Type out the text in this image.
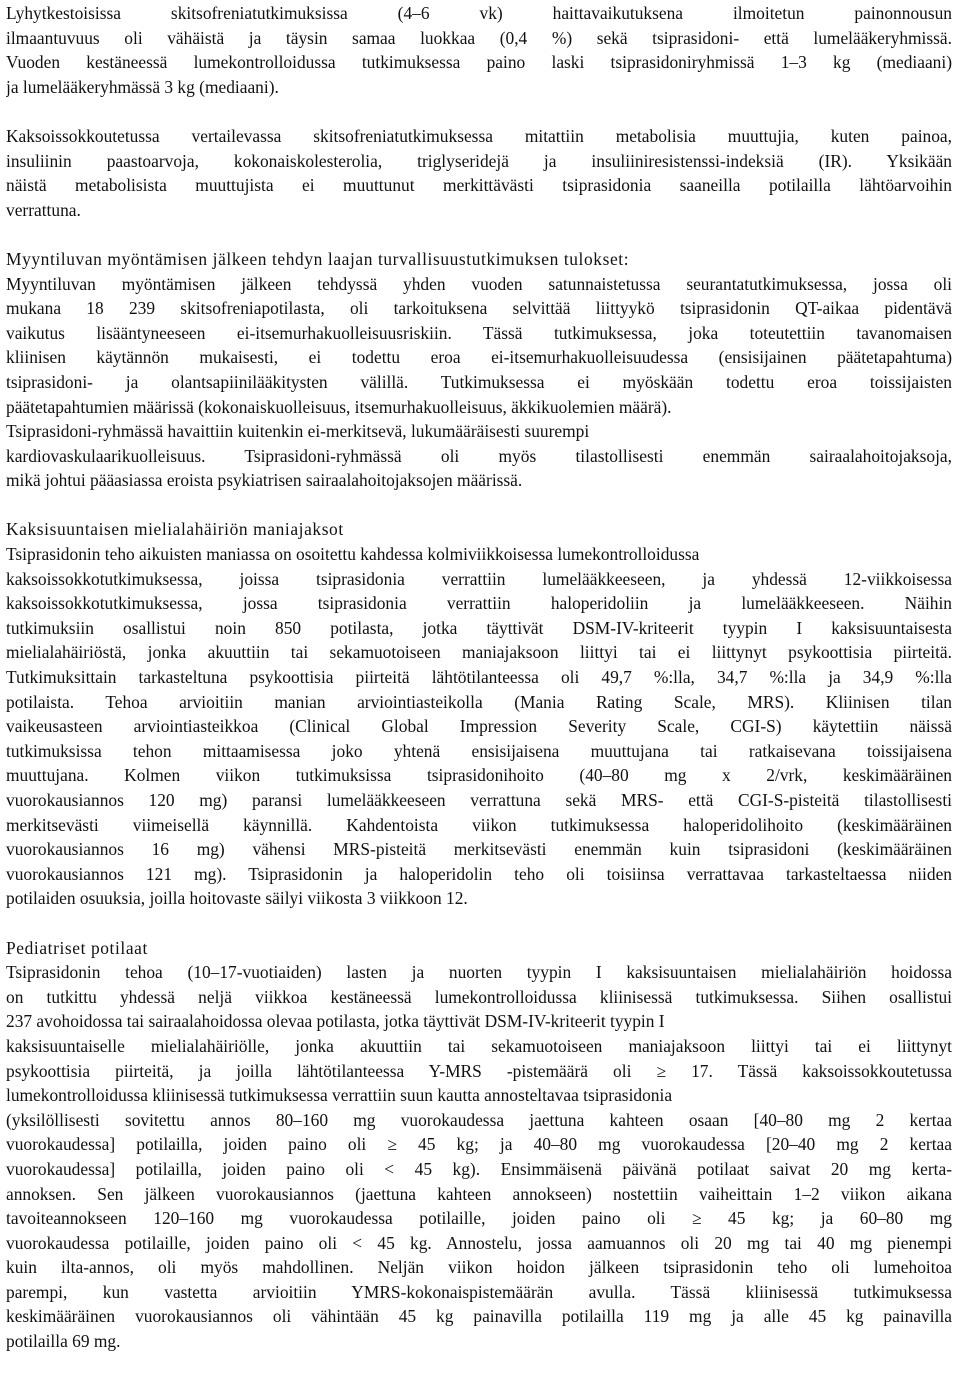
Lyhytkestoisissa skitsofreniatutkimuksissa (4–6 vk) haittavaikutuksena ilmoitetun painonnousun
ilmaantuvuus oli vähäistä ja täysin samaa luokkaa (0,4 %) sekä tsiprasidoni- että lumelääkeryhmissä.
Vuoden kestäneessä lumekontrolloidussa tutkimuksessa paino laski tsiprasidoniryhmissä 1–3 kg (mediaani)
ja lumelääkeryhmässä 3 kg (mediaani).
Kaksoissokkoutetussa vertailevassa skitsofreniatutkimuksessa mitattiin metabolisia muuttujia, kuten painoa,
insuliinin paastoarvoja, kokonaiskolesterolia, triglyseridejä ja insuliiniresistenssi-indeksiä (IR). Yksikään
näistä metabolisista muuttujista ei muuttunut merkittävästi tsiprasidonia saaneilla potilailla lähtöarvoihin
verrattuna.
Myyntiluvan myöntämisen jälkeen tehdyn laajan turvallisuustutkimuksen tulokset:
Myyntiluvan myöntämisen jälkeen tehdyssä yhden vuoden satunnaistetussa seurantatutkimuksessa, jossa oli
mukana 18 239 skitsofreniapotilasta, oli tarkoituksena selvittää liittyykö tsiprasidonin QT-aikaa pidentävä
vaikutus lisääntyneeseen ei-itsemurhakuolleisuusriskiin. Tässä tutkimuksessa, joka toteutettiin tavanomaisen
kliinisen käytännön mukaisesti, ei todettu eroa ei-itsemurhakuolleisuudessa (ensisijainen päätetapahtuma)
tsiprasidoni- ja olantsapiinilääkitysten välillä. Tutkimuksessa ei myöskään todettu eroa toissijaisten
päätetapahtumien määrissä (kokonaiskuolleisuus, itsemurhakuolleisuus, äkkikuolemien määrä).
Tsiprasidoni-ryhmässä havaittiin kuitenkin ei-merkitsevä, lukumääräisesti suurempi
kardiovaskulaarikuolleisuus. Tsiprasidoni-ryhmässä oli myös tilastollisesti enemmän sairaalahoitojaksoja,
mikä johtui pääasiassa eroista psykiatrisen sairaalahoitojaksojen määrissä.
Kaksisuuntaisen mielialahäiriön maniajaksot
Tsiprasidonin teho aikuisten maniassa on osoitettu kahdessa kolmiviikkoisessa lumekontrolloidussa
kaksoissokkotutkimuksessa, joissa tsiprasidonia verrattiin lumelääkkeeseen, ja yhdessä 12-viikkoisessa
kaksoissokkotutkimuksessa, jossa tsiprasidonia verrattiin haloperidoliin ja lumelääkkeeseen. Näihin
tutkimuksiin osallistui noin 850 potilasta, jotka täyttivät DSM-IV-kriteerit tyypin I kaksisuuntaisesta
mielialahäiriöstä, jonka akuuttiin tai sekamuotoiseen maniajaksoon liittyi tai ei liittynyt psykoottisia piirteitä.
Tutkimuksittain tarkasteltuna psykoottisia piirteitä lähtötilanteessa oli 49,7 %:lla, 34,7 %:lla ja 34,9 %:lla
potilaista. Tehoa arvioitiin manian arviointiasteikolla (Mania Rating Scale, MRS). Kliinisen tilan
vaikeusasteen arviointiasteikkoa (Clinical Global Impression Severity Scale, CGI-S) käytettiin näissä
tutkimuksissa tehon mittaamisessa joko yhtenä ensisijaisena muuttujana tai ratkaisevana toissijaisena
muuttujana. Kolmen viikon tutkimuksissa tsiprasidonihoito (40–80 mg x 2/vrk, keskimääräinen
vuorokausiannos 120 mg) paransi lumelääkkeeseen verrattuna sekä MRS- että CGI-S-pisteitä tilastollisesti
merkitsevästi viimeisellä käynnillä. Kahdentoista viikon tutkimuksessa haloperidolihoito (keskimääräinen
vuorokausiannos 16 mg) vähensi MRS-pisteitä merkitsevästi enemmän kuin tsiprasidoni (keskimääräinen
vuorokausiannos 121 mg). Tsiprasidonin ja haloperidolin teho oli toisiinsa verrattavaa tarkasteltaessa niiden
potilaiden osuuksia, joilla hoitovaste säilyi viikosta 3 viikkoon 12.
Pediatriset potilaat
Tsiprasidonin tehoa (10–17-vuotiaiden) lasten ja nuorten tyypin I kaksisuuntaisen mielialahäiriön hoidossa
on tutkittu yhdessä neljä viikkoa kestäneessä lumekontrolloidussa kliinisessä tutkimuksessa. Siihen osallistui
237 avohoidossa tai sairaalahoidossa olevaa potilasta, jotka täyttivät DSM-IV-kriteerit tyypin I
kaksisuuntaiselle mielialahäiriölle, jonka akuuttiin tai sekamuotoiseen maniajaksoon liittyi tai ei liittynyt
psykoottisia piirteitä, ja joilla lähtötilanteessa Y-MRS -pistemäärä oli ≥ 17. Tässä kaksoissokkoutetussa
lumekontrolloidussa kliinisessä tutkimuksessa verrattiin suun kautta annosteltavaa tsiprasidonia
(yksilöllisesti sovitettu annos 80–160 mg vuorokaudessa jaettuna kahteen osaan [40–80 mg 2 kertaa
vuorokaudessa] potilailla, joiden paino oli ≥ 45 kg; ja 40–80 mg vuorokaudessa [20–40 mg 2 kertaa
vuorokaudessa] potilailla, joiden paino oli < 45 kg). Ensimmäisenä päivänä potilaat saivat 20 mg kerta-
annoksen. Sen jälkeen vuorokausiannos (jaettuna kahteen annokseen) nostettiin vaiheittain 1–2 viikon aikana
tavoiteannokseen 120–160 mg vuorokaudessa potilaille, joiden paino oli ≥ 45 kg; ja 60–80 mg
vuorokaudessa potilaille, joiden paino oli < 45 kg. Annostelu, jossa aamuannos oli 20 mg tai 40 mg pienempi
kuin ilta-annos, oli myös mahdollinen. Neljän viikon hoidon jälkeen tsiprasidonin teho oli lumehoitoa
parempi, kun vastetta arvioitiin YMRS-kokonaispistemäärän avulla. Tässä kliinisessä tutkimuksessa
keskimääräinen vuorokausiannos oli vähintään 45 kg painavilla potilailla 119 mg ja alle 45 kg painavilla
potilailla 69 mg.
